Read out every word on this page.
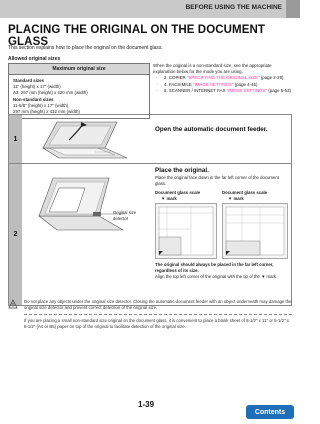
BEFORE USING THE MACHINE
PLACING THE ORIGINAL ON THE DOCUMENT GLASS
This section explains how to place the original on the document glass.
Allowed original sizes
Maximum original size
Standard sizes
11" (height) x 17" (width)
A3: 297 mm (height) x 420 mm (width)
Non-standard sizes
11-5/8" (height) x 17" (width)
297 mm (height) x 432 mm (width)
When the original is a non-standard size, see the appropriate explanation below for the mode you are using.
☞ 2. COPIER "SPECIFYING THE ORIGINAL SIZE" (page 2-29)
☞ 4. FACSIMILE "IMAGE SETTINGS" (page 4-45)
☞ 5. SCANNER / INTERNET FAX "IMAGE SETTINGS" (page 5-53)
1
Open the automatic document feeder.
2
Original size detector
Place the original.
Place the original face down in the far left corner of the document glass.
Document glass scale	Document glass scale
▼ mark	▼ mark
The original should always be placed in the far left corner, regardless of its size.
Align the top left corner of the original with the tip of the ▼ mark.
Do not place any objects under the original size detector. Closing the automatic document feeder with an object underneath may damage the original size detector and prevent correct detection of the original size.
If you are placing a small non-standard size original on the document glass, it is convenient to place a blank sheet of 8-1/2" x 11" or 5-1/2" x 8-1/2" (A4 or B5) paper on top of the original to facilitate detection of the original size.
1-39
Contents
